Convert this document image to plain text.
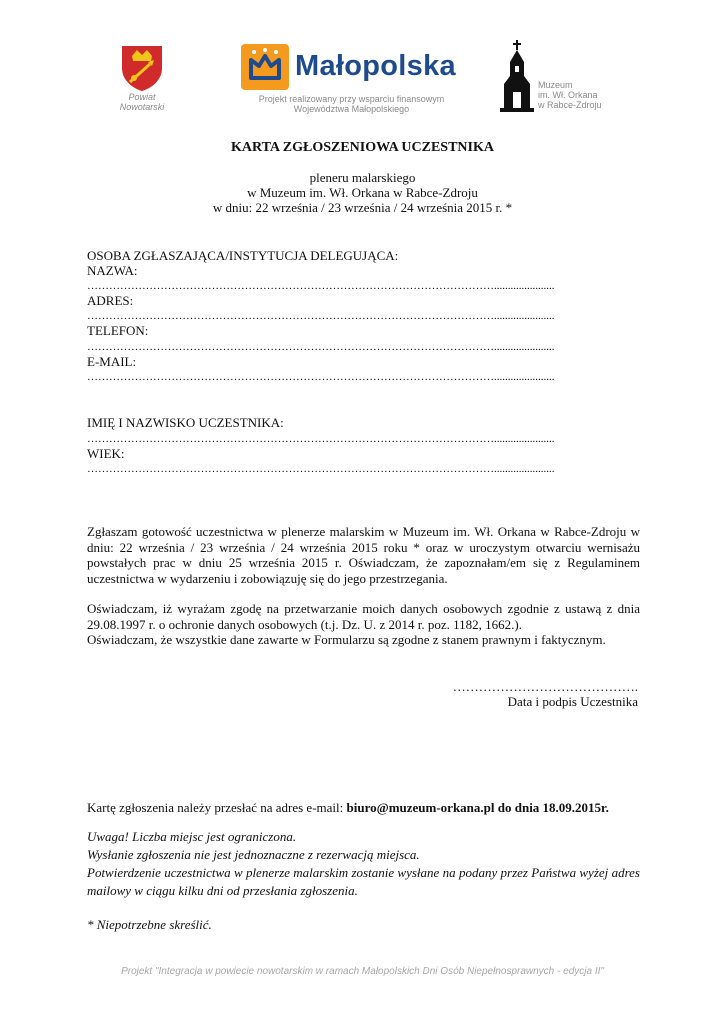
Powiat
Nowotarski
Małopolska
Projekt realizowany przy wsparciu finansowym
Województwa Małopolskiego
Muzeum
im. Wł. Orkana
w Rabce-Zdroju
KARTA ZGŁOSZENIOWA UCZESTNIKA
pleneru malarskiego
w Muzeum im. Wł. Orkana w Rabce-Zdroju
w dniu: 22 września / 23 września / 24 września 2015 r. *
OSOBA ZGŁASZAJĄCA/INSTYTUCJA DELEGUJĄCA:
NAZWA:
…………………………………………………………………………………………………......................
ADRES:
…………………………………………………………………………………………………......................
TELEFON:
…………………………………………………………………………………………………......................
E-MAIL:
…………………………………………………………………………………………………......................
IMIĘ I NAZWISKO UCZESTNIKA:
…………………………………………………………………………………………………......................
WIEK:
…………………………………………………………………………………………………......................

Zgłaszam gotowość uczestnictwa w plenerze malarskim w Muzeum im. Wł. Orkana w Rabce-Zdroju w dniu: 22 września / 23 września / 24 września 2015 roku * oraz w uroczystym otwarciu wernisażu powstałych prac w dniu 25 września 2015 r. Oświadczam, że zapoznałam/em się z Regulaminem uczestnictwa w wydarzeniu i zobowiązuję się do jego przestrzegania.

Oświadczam, iż wyrażam zgodę na przetwarzanie moich danych osobowych zgodnie z ustawą z dnia 29.08.1997 r. o ochronie danych osobowych (t.j. Dz. U. z 2014 r. poz. 1182, 1662.).

Oświadczam, że wszystkie dane zawarte w Formularzu są zgodne z stanem prawnym i faktycznym.

…………………………………….
Data i podpis Uczestnika
Kartę zgłoszenia należy przesłać na adres e-mail: biuro@muzeum-orkana.pl do dnia 18.09.2015r.
Uwaga! Liczba miejsc jest ograniczona.
Wysłanie zgłoszenia nie jest jednoznaczne z rezerwacją miejsca.
Potwierdzenie uczestnictwa w plenerze malarskim zostanie wysłane na podany przez Państwa wyżej adres mailowy w ciągu kilku dni od przesłania zgłoszenia.
* Niepotrzebne skreślić.
Projekt "Integracja w powiecie nowotarskim w ramach Małopolskich Dni Osób Niepełnosprawnych - edycja II"
